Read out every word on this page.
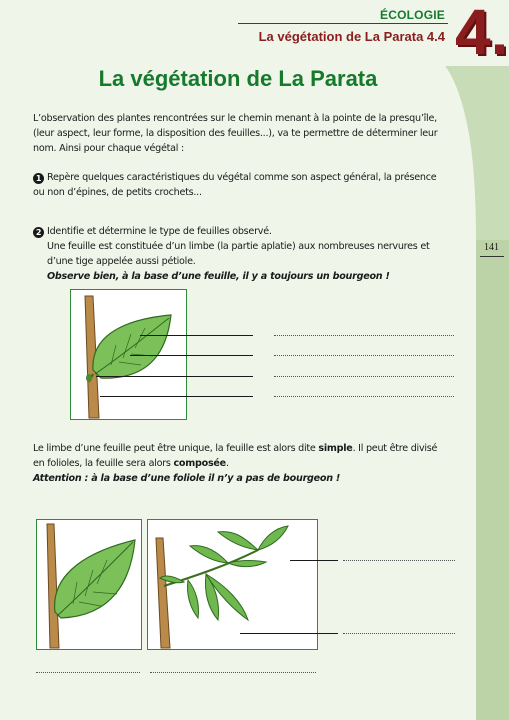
ÉCOLOGIE
La végétation de La Parata 4.4 4.
141
La végétation de La Parata
L’observation des plantes rencontrées sur le chemin menant à la pointe de la presqu’île, (leur aspect, leur forme, la disposition des feuilles...), va te permettre de déterminer leur nom. Ainsi pour chaque végétal :
1 Repère quelques caractéristiques du végétal comme son aspect général, la présence ou non d’épines, de petits crochets...
2 Identifie et détermine le type de feuilles observé.
Une feuille est constituée d’un limbe (la partie aplatie) aux nombreuses nervures et d’une tige appelée aussi pétiole.
Observe bien, à la base d’une feuille, il y a toujours un bourgeon !
Le limbe d’une feuille peut être unique, la feuille est alors dite simple. Il peut être divisé en folioles, la feuille sera alors composée.
Attention : à la base d’une foliole il n’y a pas de bourgeon !
